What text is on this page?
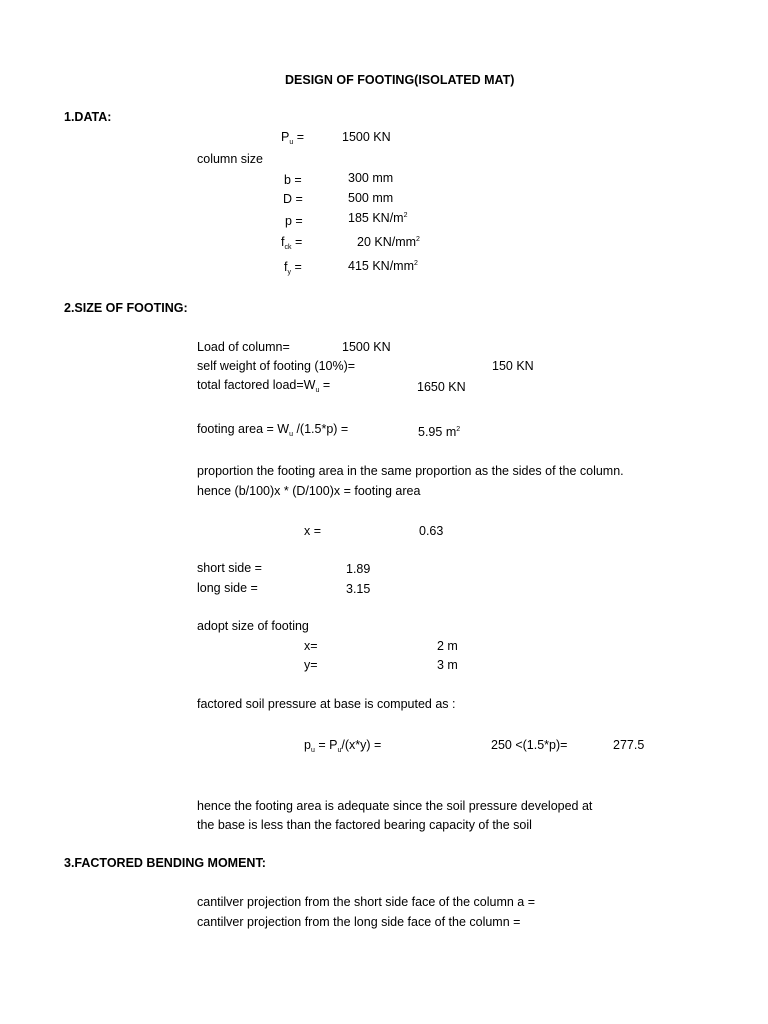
DESIGN OF FOOTING(ISOLATED MAT)
1.DATA:
$P_u$ =	1500 KN
column size
b =	300 mm
D =	500 mm
p =	185 $KN/m^2$
$f_{ck}$ =	20 $KN/mm^2$
$f_y$ =	415 $KN/mm^2$
2.SIZE OF FOOTING:
Load of column=	1500 KN
self weight of footing (10%)=	150 KN
total factored $load=W_u$ =	1650 KN
footing area = $W_u$ /(1.5*p) =	5.95 $m^2$
proportion the footing area in the same proportion as the sides of the column.
hence (b/100)x * (D/100)x = footing area
x =	0.63
short side =	1.89
long side =	3.15
adopt size of footing
x=	2 m
y=	3 m
factored soil pressure at base is computed as :
$p_u = P_u/(x*y)$ =	250 <(1.5*p)=	277.5
hence the footing area is adequate since the soil pressure developed at
the base is less than the factored bearing capacity of the soil
3.FACTORED BENDING MOMENT:
cantilver projection from the short side face of the column a =
cantilver projection from the long side face of the column =
